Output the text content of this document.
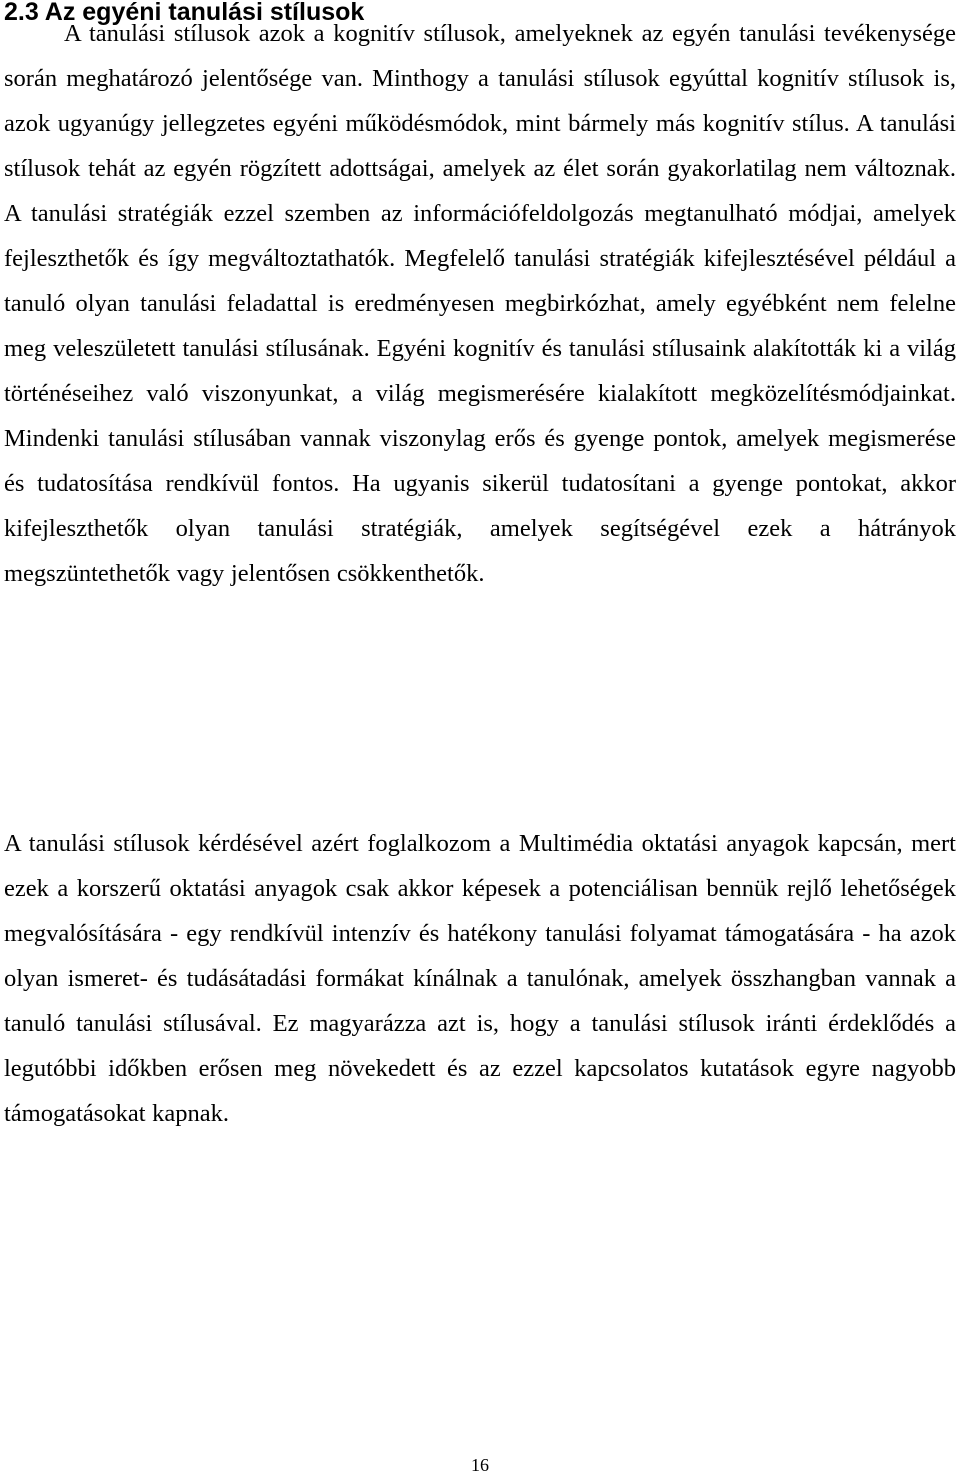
2.3 Az egyéni tanulási stílusok

A tanulási stílusok azok a kognitív stílusok, amelyeknek az egyén tanulási tevékenysége során meghatározó jelentősége van. Minthogy a tanulási stílusok egyúttal kognitív stílusok is, azok ugyanúgy jellegzetes egyéni működésmódok, mint bármely más kognitív stílus. A tanulási stílusok tehát az egyén rögzített adottságai, amelyek az élet során gyakorlatilag nem változnak. A tanulási stratégiák ezzel szemben az információfeldolgozás megtanulható módjai, amelyek fejleszthetők és így megváltoztathatók. Megfelelő tanulási stratégiák kifejlesztésével például a tanuló olyan tanulási feladattal is eredményesen megbirkózhat, amely egyébként nem felelne meg veleszületett tanulási stílusának. Egyéni kognitív és tanulási stílusaink alakították ki a világ történéseihez való viszonyunkat, a világ megismerésére kialakított megközelítésmódjainkat. Mindenki tanulási stílusában vannak viszonylag erős és gyenge pontok, amelyek megismerése és tudatosítása rendkívül fontos. Ha ugyanis sikerül tudatosítani a gyenge pontokat, akkor kifejleszthetők olyan tanulási stratégiák, amelyek segítségével ezek a hátrányok megszüntethetők vagy jelentősen csökkenthetők.

A tanulási stílusok kérdésével azért foglalkozom a Multimédia oktatási anyagok kapcsán, mert ezek a korszerű oktatási anyagok csak akkor képesek a potenciálisan bennük rejlő lehetőségek megvalósítására - egy rendkívül intenzív és hatékony tanulási folyamat támogatására - ha azok olyan ismeret- és tudásátadási formákat kínálnak a tanulónak, amelyek összhangban vannak a tanuló tanulási stílusával. Ez magyarázza azt is, hogy a tanulási stílusok iránti érdeklődés a legutóbbi időkben erősen meg növekedett és az ezzel kapcsolatos kutatások egyre nagyobb támogatásokat kapnak.

16
